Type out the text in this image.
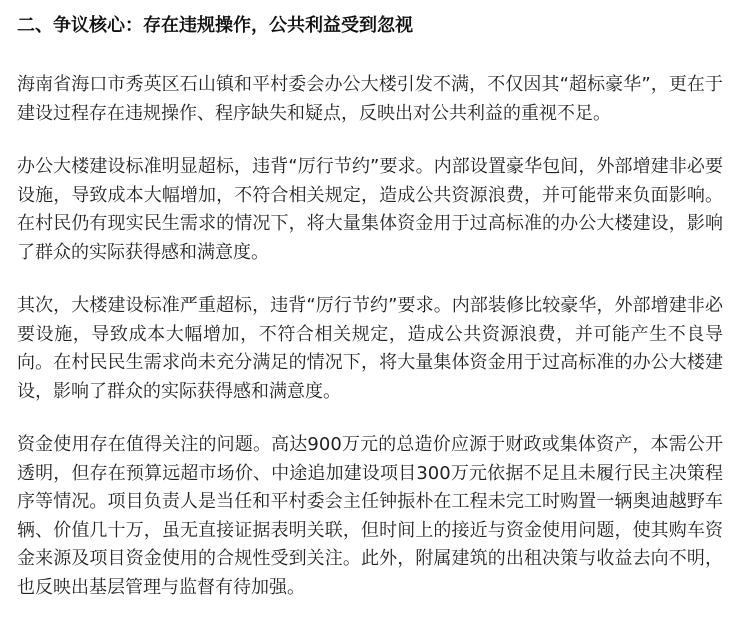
二、争议核心：存在违规操作，公共利益受到忽视

海南省海口市秀英区石山镇和平村委会办公大楼引发不满，不仅因其“超标豪华”，更在于建设过程存在违规操作、程序缺失和疑点，反映出对公共利益的重视不足。

办公大楼建设标准明显超标，违背“厉行节约”要求。内部设置豪华包间，外部增建非必要设施，导致成本大幅增加，不符合相关规定，造成公共资源浪费，并可能带来负面影响。在村民仍有现实民生需求的情况下，将大量集体资金用于过高标准的办公大楼建设，影响了群众的实际获得感和满意度。

其次，大楼建设标准严重超标，违背“厉行节约”要求。内部装修比较豪华，外部增建非必要设施，导致成本大幅增加，不符合相关规定，造成公共资源浪费，并可能产生不良导向。在村民民生需求尚未充分满足的情况下，将大量集体资金用于过高标准的办公大楼建设，影响了群众的实际获得感和满意度。

资金使用存在值得关注的问题。高达900万元的总造价应源于财政或集体资产，本需公开透明，但存在预算远超市场价、中途追加建设项目300万元依据不足且未履行民主决策程序等情况。项目负责人是当任和平村委会主任钟振朴在工程未完工时购置一辆奥迪越野车辆、价值几十万，虽无直接证据表明关联，但时间上的接近与资金使用问题，使其购车资金来源及项目资金使用的合规性受到关注。此外，附属建筑的出租决策与收益去向不明，也反映出基层管理与监督有待加强。
